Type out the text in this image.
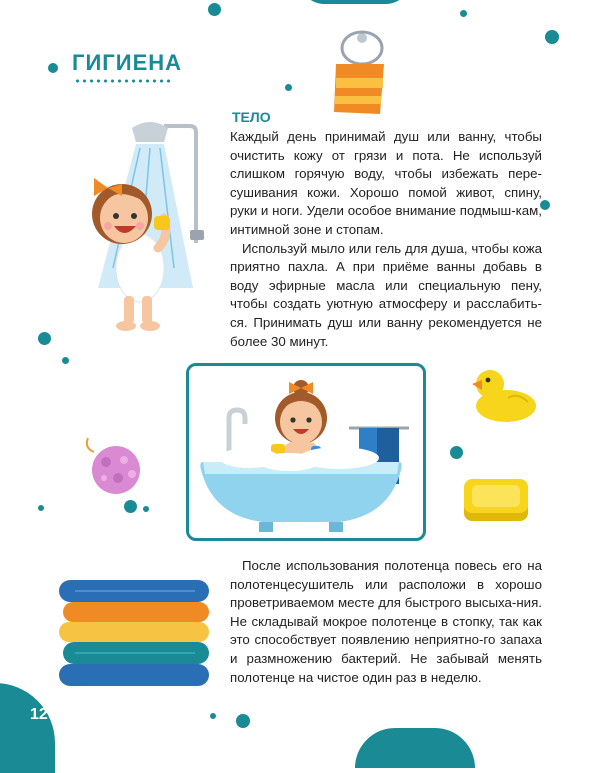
ГИГИЕНА
ТЕЛО

Каждый день принимай душ или ванну, чтобы очистить кожу от грязи и пота. Не используй слишком горячую воду, чтобы избежать пере-сушивания кожи. Хорошо помой живот, спину, руки и ноги. Удели особое внимание подмыш-кам, интимной зоне и стопам.

Используй мыло или гель для душа, чтобы кожа приятно пахла. А при приёме ванны добавь в воду эфирные масла или специальную пену, чтобы создать уютную атмосферу и расслабить-ся. Принимать душ или ванну рекомендуется не более 30 минут.

После использования полотенца повесь его на полотенцесушитель или расположи в хорошо проветриваемом месте для быстрого высыха-ния. Не складывай мокрое полотенце в стопку, так как это способствует появлению неприятно-го запаха и размножению бактерий. Не забывай менять полотенце на чистое один раз в неделю.

12
